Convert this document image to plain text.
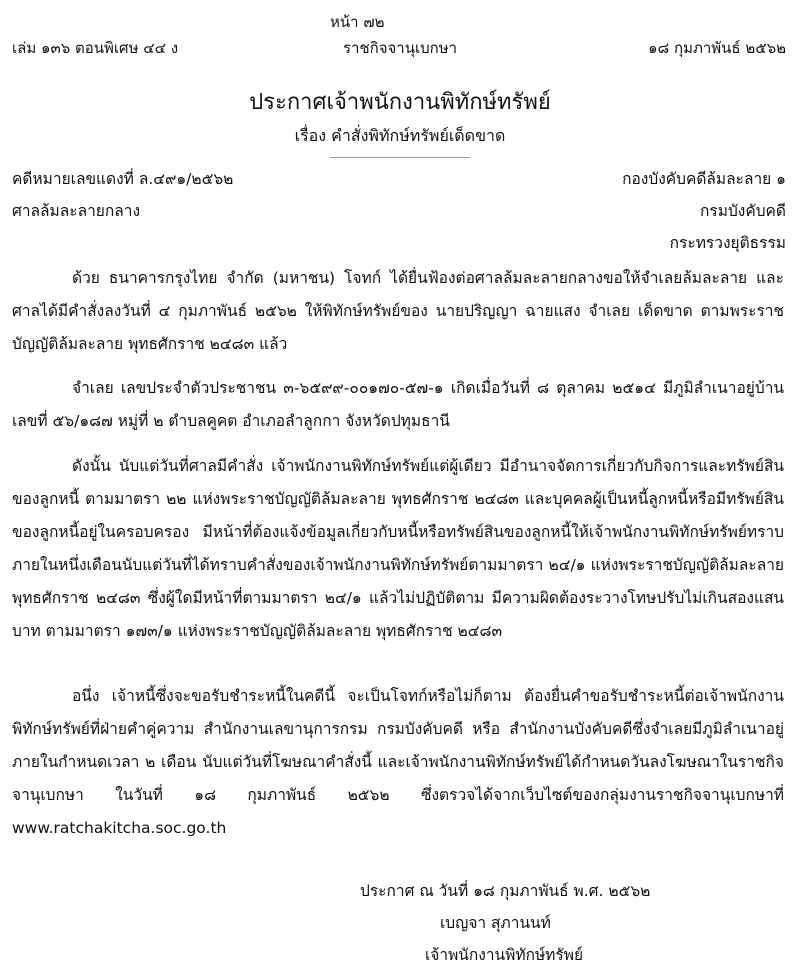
หน้า ๗๒
เล่ม ๑๓๖ ตอนพิเศษ ๔๔ ง	ราชกิจจานุเบกษา	๑๘ กุมภาพันธ์ ๒๕๖๒
ประกาศเจ้าพนักงานพิทักษ์ทรัพย์
เรื่อง คำสั่งพิทักษ์ทรัพย์เด็ดขาด
คดีหมายเลขแดงที่ ล.๔๙๑/๒๕๖๒
ศาลล้มละลายกลาง
กองบังคับคดีล้มละลาย ๑
กรมบังคับคดี
กระทรวงยุติธรรม
ด้วย ธนาคารกรุงไทย จำกัด (มหาชน) โจทก์ ได้ยื่นฟ้องต่อศาลล้มละลายกลางขอให้จำเลยล้มละลาย และศาลได้มีคำสั่งลงวันที่ ๔ กุมภาพันธ์ ๒๕๖๒ ให้พิทักษ์ทรัพย์ของ นายปริญญา ฉายแสง จำเลย เด็ดขาด ตามพระราชบัญญัติล้มละลาย พุทธศักราช ๒๔๘๓ แล้ว
จำเลย เลขประจำตัวประชาชน ๓-๖๕๙๙-๐๐๑๗๐-๕๗-๑ เกิดเมื่อวันที่ ๘ ตุลาคม ๒๕๑๔ มีภูมิลำเนาอยู่บ้านเลขที่ ๕๖/๑๘๗ หมู่ที่ ๒ ตำบลคูคต อำเภอลำลูกกา จังหวัดปทุมธานี
ดังนั้น นับแต่วันที่ศาลมีคำสั่ง เจ้าพนักงานพิทักษ์ทรัพย์แต่ผู้เดียว มีอำนาจจัดการเกี่ยวกับกิจการและทรัพย์สินของลูกหนี้ ตามมาตรา ๒๒ แห่งพระราชบัญญัติล้มละลาย พุทธศักราช ๒๔๘๓ และบุคคลผู้เป็นหนี้ลูกหนี้หรือมีทรัพย์สินของลูกหนี้อยู่ในครอบครอง มีหน้าที่ต้องแจ้งข้อมูลเกี่ยวกับหนี้หรือทรัพย์สินของลูกหนี้ให้เจ้าพนักงานพิทักษ์ทรัพย์ทราบ ภายในหนึ่งเดือนนับแต่วันที่ได้ทราบคำสั่งของเจ้าพนักงานพิทักษ์ทรัพย์ตามมาตรา ๒๔/๑ แห่งพระราชบัญญัติล้มละลาย พุทธศักราช ๒๔๘๓ ซึ่งผู้ใดมีหน้าที่ตามมาตรา ๒๔/๑ แล้วไม่ปฏิบัติตาม มีความผิดต้องระวางโทษปรับไม่เกินสองแสนบาท ตามมาตรา ๑๗๓/๑ แห่งพระราชบัญญัติล้มละลาย พุทธศักราช ๒๔๘๓
อนึ่ง เจ้าหนี้ซึ่งจะขอรับชำระหนี้ในคดีนี้ จะเป็นโจทก์หรือไม่ก็ตาม ต้องยื่นคำขอรับชำระหนี้ต่อเจ้าพนักงานพิทักษ์ทรัพย์ที่ฝ่ายคำคู่ความ สำนักงานเลขานุการกรม กรมบังคับคดี หรือ สำนักงานบังคับคดีซึ่งจำเลยมีภูมิลำเนาอยู่ ภายในกำหนดเวลา ๒ เดือน นับแต่วันที่โฆษณาคำสั่งนี้ และเจ้าพนักงานพิทักษ์ทรัพย์ได้กำหนดวันลงโฆษณาในราชกิจจานุเบกษา ในวันที่ ๑๘ กุมภาพันธ์ ๒๕๖๒ ซึ่งตรวจได้จากเว็บไซต์ของกลุ่มงานราชกิจจานุเบกษาที่ www.ratchakitcha.soc.go.th
ประกาศ ณ วันที่ ๑๘ กุมภาพันธ์ พ.ศ. ๒๕๖๒
เบญจา สุภานนท์
เจ้าพนักงานพิทักษ์ทรัพย์
